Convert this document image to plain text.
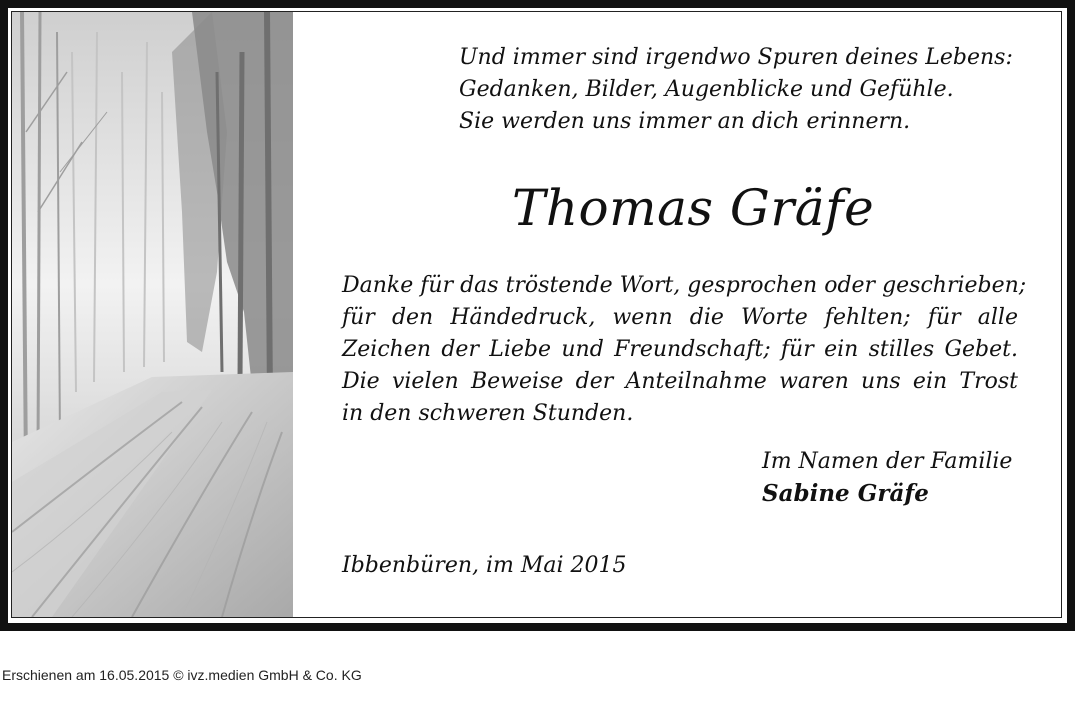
Und immer sind irgendwo Spuren deines Lebens:
Gedanken, Bilder, Augenblicke und Gefühle.
Sie werden uns immer an dich erinnern.
Thomas Gräfe
Danke für das tröstende Wort, gesprochen oder geschrieben;
für den Händedruck, wenn die Worte fehlten; für alle
Zeichen der Liebe und Freundschaft; für ein stilles Gebet.
Die vielen Beweise der Anteilnahme waren uns ein Trost
in den schweren Stunden.
Im Namen der Familie
Sabine Gräfe
Ibbenbüren, im Mai 2015
Erschienen am 16.05.2015 © ivz.medien GmbH & Co. KG
